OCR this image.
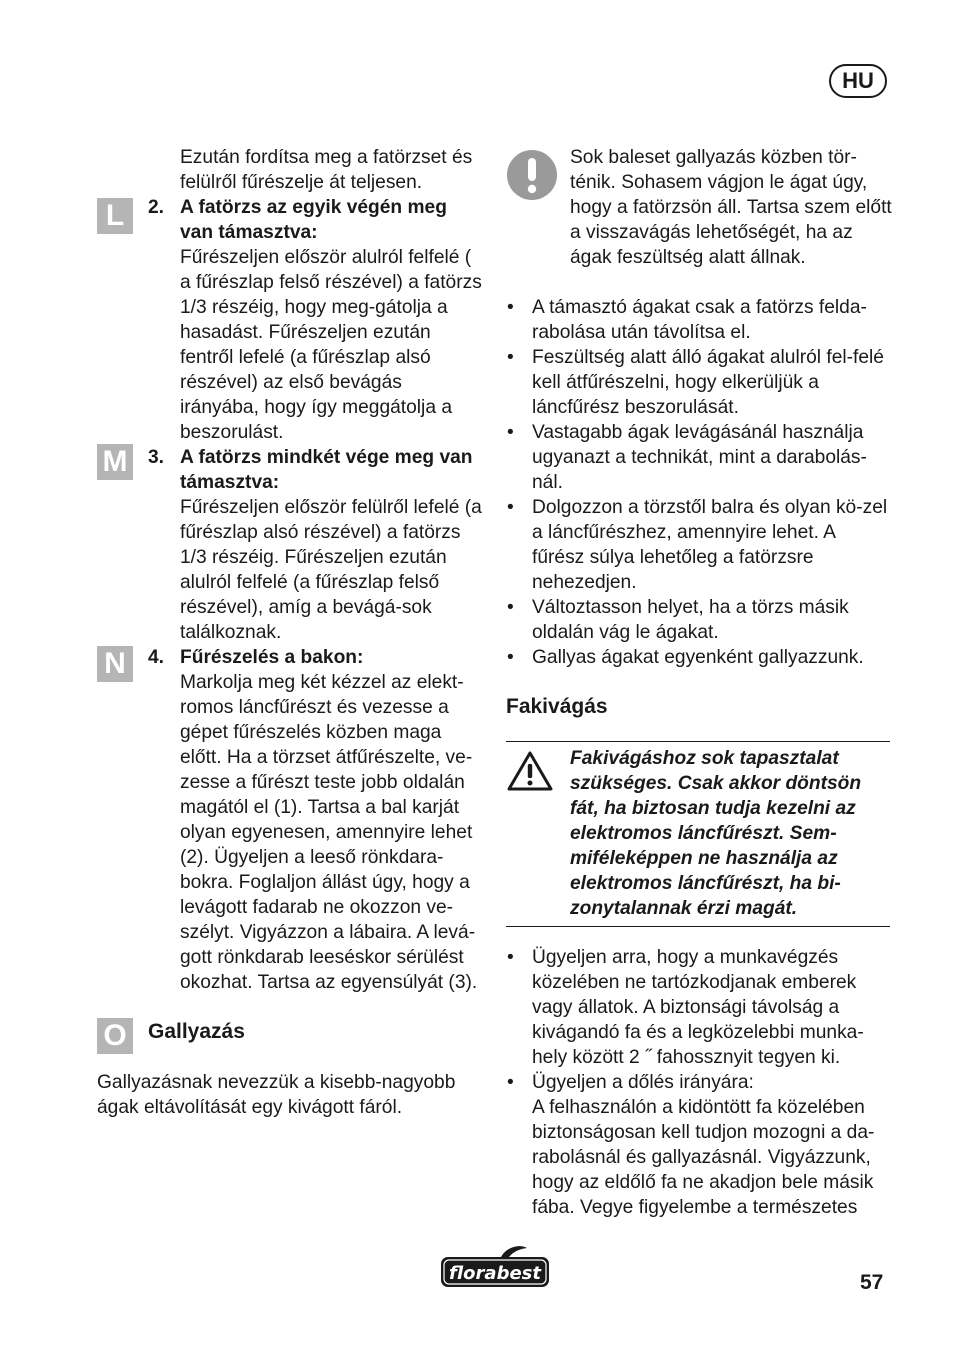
HU

Ezután fordítsa meg a fatörzset és felülről fűrészelje át teljesen.

L	2. A fatörzs az egyik végén meg van támasztva:

Fűrészeljen először alulról felfelé ( a fűrészlap felső részével) a fatörzs 1/3 részéig, hogy meg-gátolja a hasadást. Fűrészeljen ezután fentről lefelé (a fűrészlap alsó részével) az első bevágás irányába, hogy így meggátolja a beszorulást.

M 3. A fatörzs mindkét vége meg van támasztva:

Fűrészeljen először felülről lefelé (a fűrészlap alsó részével) a fatörzs 1/3 részéig. Fűrészeljen ezután alulról felfelé (a fűrészlap felső részével), amíg a bevágá-sok találkoznak.

N	4. Fűrészelés a bakon:

Markolja meg két kézzel az elekt-romos láncfűrészt és vezesse a gépet fűrészelés közben maga előtt. Ha a törzset átfűrészelte, ve-zesse a fűrészt teste jobb oldalán magától el (1). Tartsa a bal karját olyan egyenesen, amennyire lehet (2). Ügyeljen a leeső rönkdara-bokra. Foglaljon állást úgy, hogy a levágott fadarab ne okozzon ve-szélyt. Vigyázzon a lábaira. A levá-gott rönkdarab leeséskor sérülést okozhat. Tartsa az egyensúlyát (3).

O	Gallyazás

Gallyazásnak nevezzük a kisebb-nagyobb ágak eltávolítását egy kivágott fáról.

Sok baleset gallyazás közben tör-ténik. Sohasem vágjon le ágat úgy, hogy a fatörzsön áll. Tartsa szem előtt a visszavágás lehetőségét, ha az ágak feszültség alatt állnak.

• A támasztó ágakat csak a fatörzs felda-rabolása után távolítsa el.
• Feszültség alatt álló ágakat alulról fel-felé kell átfűrészelni, hogy elkerüljük a láncfűrész beszorulását.
• Vastagabb ágak levágásánál használja ugyanazt a technikát, mint a darabolás-nál.
• Dolgozzon a törzstől balra és olyan kö-zel a láncfűrészhez, amennyire lehet. A fűrész súlya lehetőleg a fatörzsre nehezedjen.
• Változtasson helyet, ha a törzs másik oldalán vág le ágakat.
• Gallyas ágakat egyenként gallyazzunk.
Fakivágás

Fakivágáshoz sok tapasztalat szükséges. Csak akkor döntsön fát, ha biztosan tudja kezelni az elektromos láncfűrészt. Sem-miféleképpen ne használja az elektromos láncfűrészt, ha bi-zonytalannak érzi magát.

• Ügyeljen arra, hogy a munkavégzés közelében ne tartózkodjanak emberek vagy állatok. A biztonsági távolság a kivágandó fa és a legközelebbi munka-hely között 2 ˝ fahossznyit tegyen ki.
• Ügyeljen a dőlés irányára:
A felhasználón a kidöntött fa közelében biztonságosan kell tudjon mozogni a da-rabolásnál és gallyazásnál. Vigyázzunk, hogy az eldőlő fa ne akadjon bele másik fába. Vegye figyelembe a természetes
florabest	57
